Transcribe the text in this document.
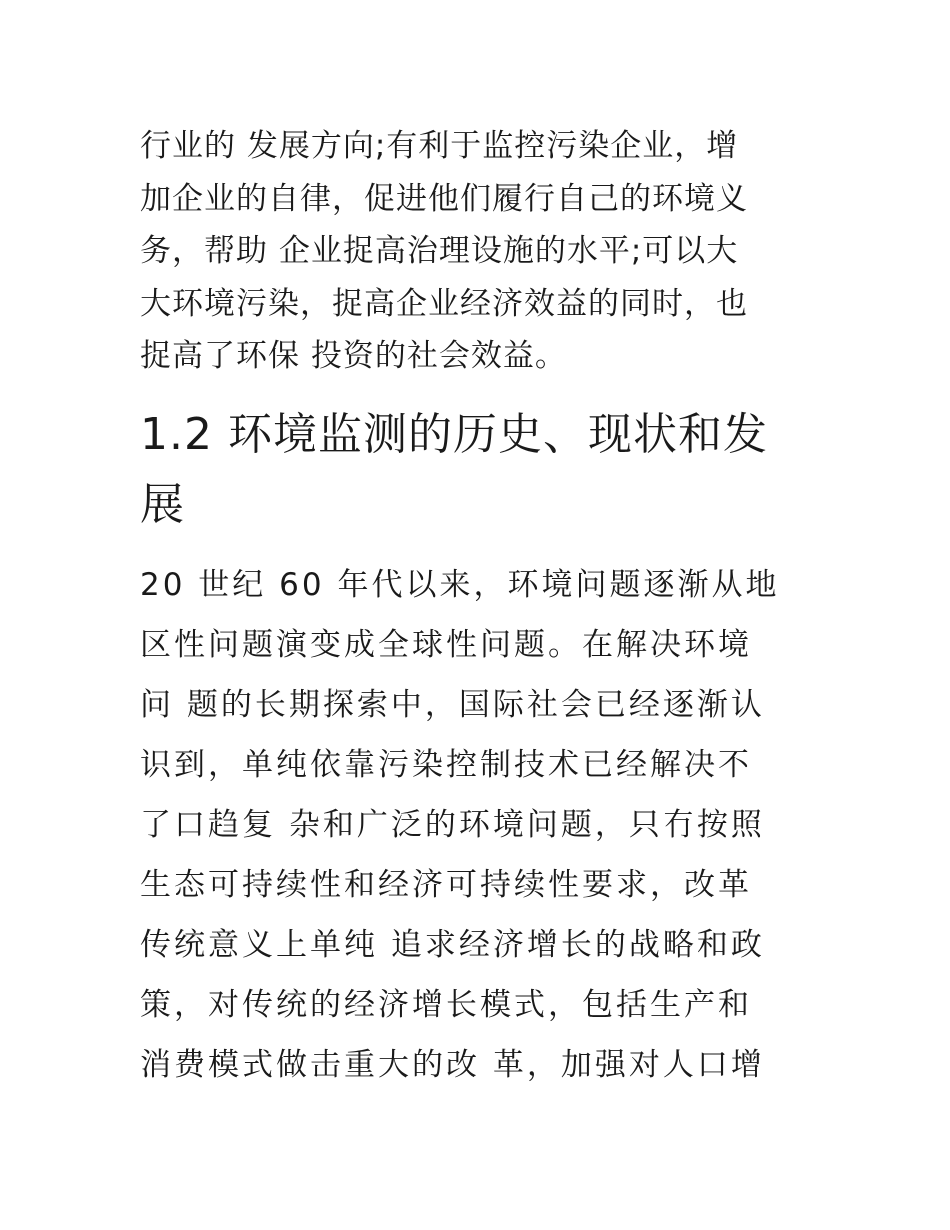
行业的 发展方向;有利于监控污染企业，增
加企业的自律，促进他们履行自己的环境义
务，帮助 企业捉高治理设施的水平;可以大
大环境污染，捉高企业经济效益的同时，也
捉高了环保 投资的社会效益。
1.2 环境监测的历史、现状和发
展
20 世纪 60 年代以来，环境问题逐渐从地
区性问题演变成全球性问题。在解决环境
问 题的长期探索中，国际社会已经逐渐认
识到，单纯依靠污染控制技术已经解决不
了口趋复 杂和广泛的环境问题，只冇按照
生态可持续性和经济可持续性要求，改革
传统意义上单纯 追求经济增长的战略和政
策，对传统的经济增长模式，包括生产和
消费模式做击重大的改 革，加强对人口增
